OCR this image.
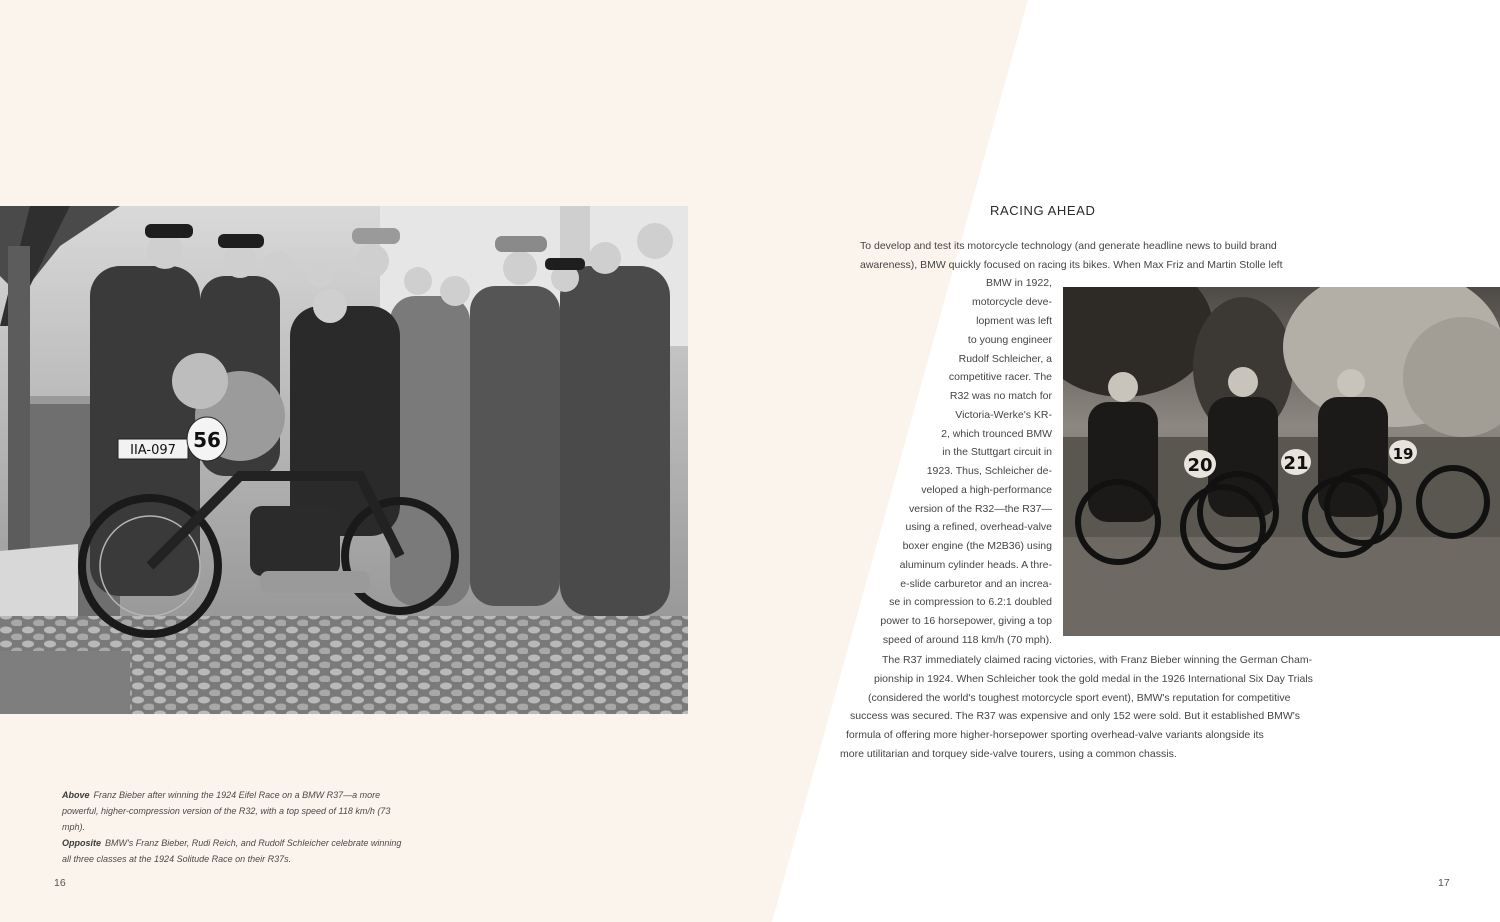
IIA-097 56

Above Franz Bieber after winning the 1924 Eifel Race on a BMW R37—a more powerful, higher-compression version of the R32, with a top speed of 118 km/h (73 mph).

Opposite BMW's Franz Bieber, Rudi Reich, and Rudolf Schleicher celebrate winning all three classes at the 1924 Solitude Race on their R37s.

16
RACING AHEAD
To develop and test its motorcycle technology (and generate headline news to build brand
awareness), BMW quickly focused on racing its bikes. When Max Friz and Martin Stolle left
BMW in 1922,
motorcycle deve-
lopment was left
to young engineer
Rudolf Schleicher, a
competitive racer. The
R32 was no match for
Victoria-Werke's KR-
2, which trounced BMW
in the Stuttgart circuit in
1923. Thus, Schleicher de-
veloped a high-performance
version of the R32—the R37—
using a refined, overhead-valve
boxer engine (the M2B36) using
aluminum cylinder heads. A thre-
e-slide carburetor and an increa-
se in compression to 6.2:1 doubled
power to 16 horsepower, giving a top
speed of around 118 km/h (70 mph).
The R37 immediately claimed racing victories, with Franz Bieber winning the German Cham-
pionship in 1924. When Schleicher took the gold medal in the 1926 International Six Day Trials
(considered the world's toughest motorcycle sport event), BMW's reputation for competitive
success was secured. The R37 was expensive and only 152 were sold. But it established BMW's
formula of offering more higher-horsepower sporting overhead-valve variants alongside its
more utilitarian and torquey side-valve tourers, using a common chassis.
20	21	19
17
